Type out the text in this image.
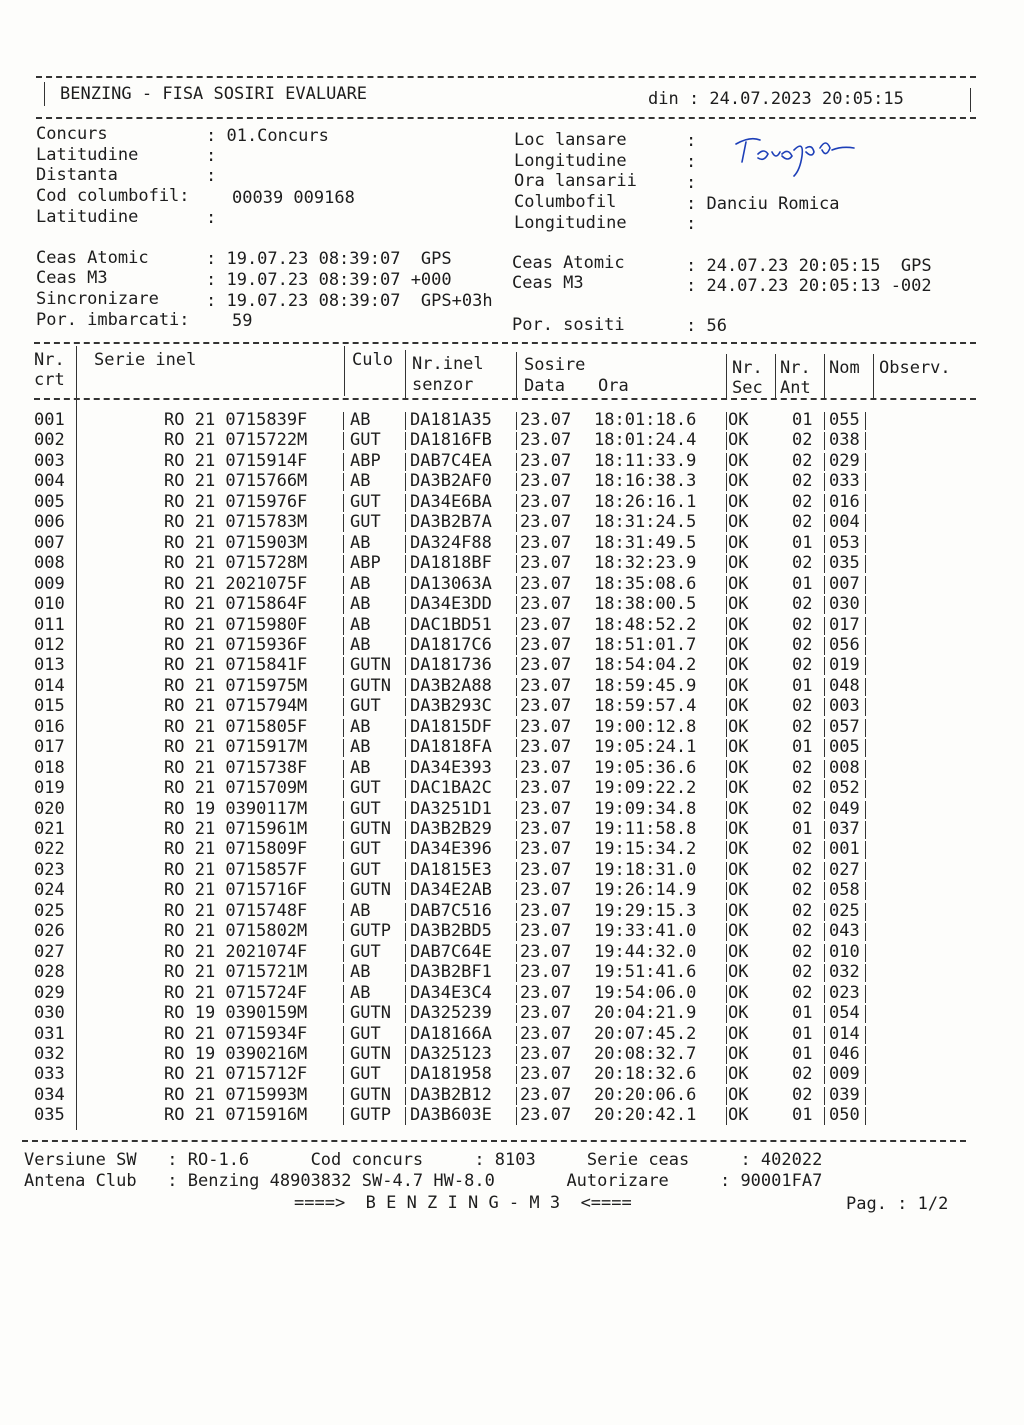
BENZING - FISA SOSIRI EVALUARE	din : 24.07.2023 20:05:15
Concurs	: 01.Concurs
Latitudine	:
Distanta	:
Cod columbofil: 00039 009168
Latitudine	:
Loc lansare	:
Longitudine	:
Ora lansarii	:
Columbofil	: Danciu Romica
Longitudine	:
Ceas Atomic	: 19.07.23 08:39:07  GPS
Ceas M3	: 19.07.23 08:39:07 +000
Sincronizare	: 19.07.23 08:39:07  GPS+03h
Por. imbarcati: 59
Ceas Atomic	: 24.07.23 20:05:15  GPS
Ceas M3	: 24.07.23 20:05:13 -002
Por. sositi	: 56
Nr.
crt
Serie inel	Culo Nr.inel
senzor
Sosire
Data Ora
Nr.
Sec
Nr.
Ant
Nom Observ.
001	RO 21 0715839F	AB DA181A35 23.07 18:01:18.6 OK	01 055
002	RO 21 0715722M	GUT DA1816FB 23.07 18:01:24.4 OK	02 038
003	RO 21 0715914F	ABP DAB7C4EA 23.07 18:11:33.9 OK	02 029
004	RO 21 0715766M	AB DA3B2AF0 23.07 18:16:38.3 OK	02 033
005	RO 21 0715976F	GUT DA34E6BA 23.07 18:26:16.1 OK	02 016
006	RO 21 0715783M	GUT DA3B2B7A 23.07 18:31:24.5 OK	02 004
007	RO 21 0715903M	AB DA324F88 23.07 18:31:49.5 OK	01 053
008	RO 21 0715728M	ABP DA1818BF 23.07 18:32:23.9 OK	02 035
009	RO 21 2021075F	AB DA13063A 23.07 18:35:08.6 OK	01 007
010	RO 21 0715864F	AB DA34E3DD 23.07 18:38:00.5 OK	02 030
011	RO 21 0715980F	AB DAC1BD51 23.07 18:48:52.2 OK	02 017
012	RO 21 0715936F	AB DA1817C6 23.07 18:51:01.7 OK	02 056
013	RO 21 0715841F	GUTN DA181736 23.07 18:54:04.2 OK	02 019
014	RO 21 0715975M	GUTN DA3B2A88 23.07 18:59:45.9 OK	01 048
015	RO 21 0715794M	GUT DA3B293C 23.07 18:59:57.4 OK	02 003
016	RO 21 0715805F	AB DA1815DF 23.07 19:00:12.8 OK	02 057
017	RO 21 0715917M	AB DA1818FA 23.07 19:05:24.1 OK	01 005
018	RO 21 0715738F	AB DA34E393 23.07 19:05:36.6 OK	02 008
019	RO 21 0715709M	GUT DAC1BA2C 23.07 19:09:22.2 OK	02 052
020	RO 19 0390117M	GUT DA3251D1 23.07 19:09:34.8 OK	02 049
021	RO 21 0715961M	GUTN DA3B2B29 23.07 19:11:58.8 OK	01 037
022	RO 21 0715809F	GUT DA34E396 23.07 19:15:34.2 OK	02 001
023	RO 21 0715857F	GUT DA1815E3 23.07 19:18:31.0 OK	02 027
024	RO 21 0715716F	GUTN DA34E2AB 23.07 19:26:14.9 OK	02 058
025	RO 21 0715748F	AB DAB7C516 23.07 19:29:15.3 OK	02 025
026	RO 21 0715802M	GUTP DA3B2BD5 23.07 19:33:41.0 OK	02 043
027	RO 21 2021074F	GUT DAB7C64E 23.07 19:44:32.0 OK	02 010
028	RO 21 0715721M	AB DA3B2BF1 23.07 19:51:41.6 OK	02 032
029	RO 21 0715724F	AB DA34E3C4 23.07 19:54:06.0 OK	02 023
030	RO 19 0390159M	GUTN DA325239 23.07 20:04:21.9 OK	01 054
031	RO 21 0715934F	GUT DA18166A 23.07 20:07:45.2 OK	01 014
032	RO 19 0390216M	GUTN DA325123 23.07 20:08:32.7 OK	01 046
033	RO 21 0715712F	GUT DA181958 23.07 20:18:32.6 OK	02 009
034	RO 21 0715993M	GUTN DA3B2B12 23.07 20:20:06.6 OK	02 039
035	RO 21 0715916M	GUTP DA3B603E 23.07 20:20:42.1 OK	01 050
Versiune SW   : RO-1.6      Cod concurs     : 8103     Serie ceas     : 402022
Antena Club   : Benzing 48903832 SW-4.7 HW-8.0       Autorizare     : 90001FA7
====>  B E N Z I N G - M 3  <====	Pag. : 1/2
